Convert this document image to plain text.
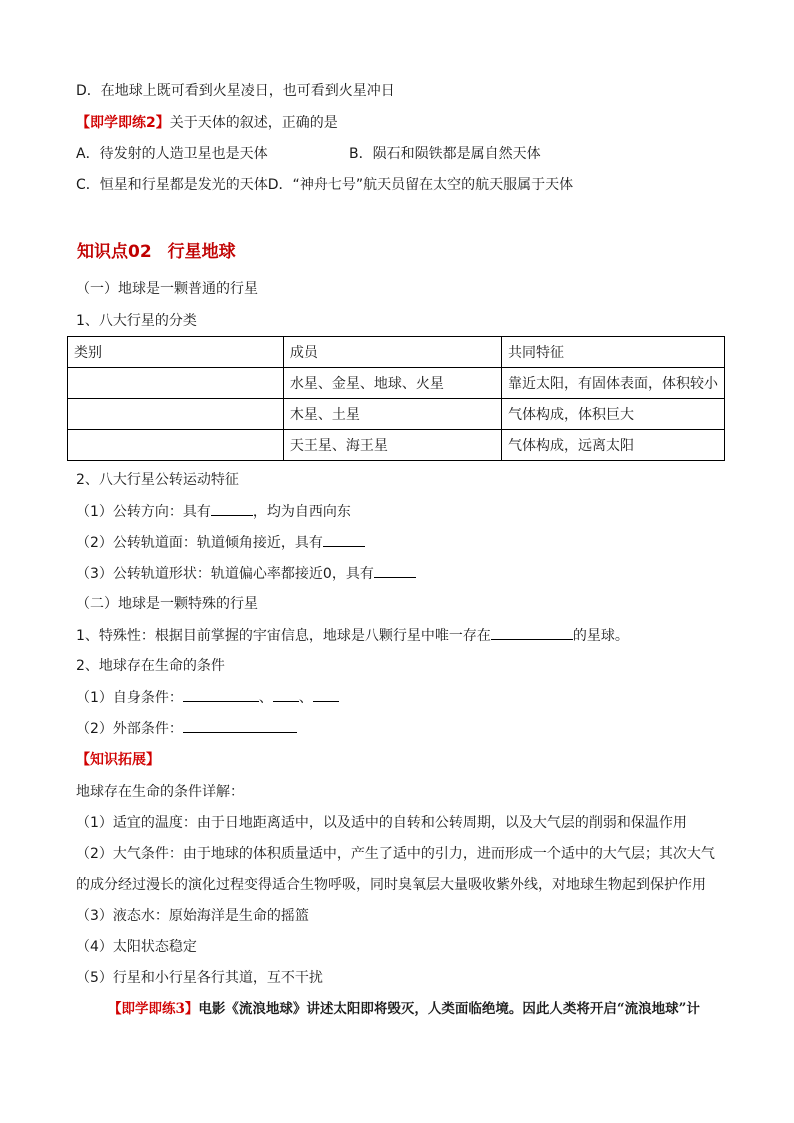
D．在地球上既可看到火星凌日，也可看到火星冲日
【即学即练2】关于天体的叙述，正确的是
A．待发射的人造卫星也是天体	B．陨石和陨铁都是属自然天体
C．恒星和行星都是发光的天体D．“神舟七号”航天员留在太空的航天服属于天体
知识点02 行星地球
（一）地球是一颗普通的行星
1、八大行星的分类
类别	成员	共同特征
	水星、金星、地球、火星	靠近太阳，有固体表面，体积较小
	木星、土星	气体构成，体积巨大
	天王星、海王星	气体构成，远离太阳
2、八大行星公转运动特征
（1）公转方向：具有	，均为自西向东
（2）公转轨道面：轨道倾角接近，具有
（3）公转轨道形状：轨道偏心率都接近0，具有
（二）地球是一颗特殊的行星
1、特殊性：根据目前掌握的宇宙信息，地球是八颗行星中唯一存在	的星球。
2、地球存在生命的条件
（1）自身条件：	、 、
（2）外部条件：
【知识拓展】
地球存在生命的条件详解：
（1）适宜的温度：由于日地距离适中，以及适中的自转和公转周期，以及大气层的削弱和保温作用
（2）大气条件：由于地球的体积质量适中，产生了适中的引力，进而形成一个适中的大气层；其次大气
的成分经过漫长的演化过程变得适合生物呼吸，同时臭氧层大量吸收紫外线，对地球生物起到保护作用
（3）液态水：原始海洋是生命的摇篮
（4）太阳状态稳定
（5）行星和小行星各行其道，互不干扰
【即学即练3】电影《流浪地球》讲述太阳即将毁灭，人类面临绝境。因此人类将开启“流浪地球”计
